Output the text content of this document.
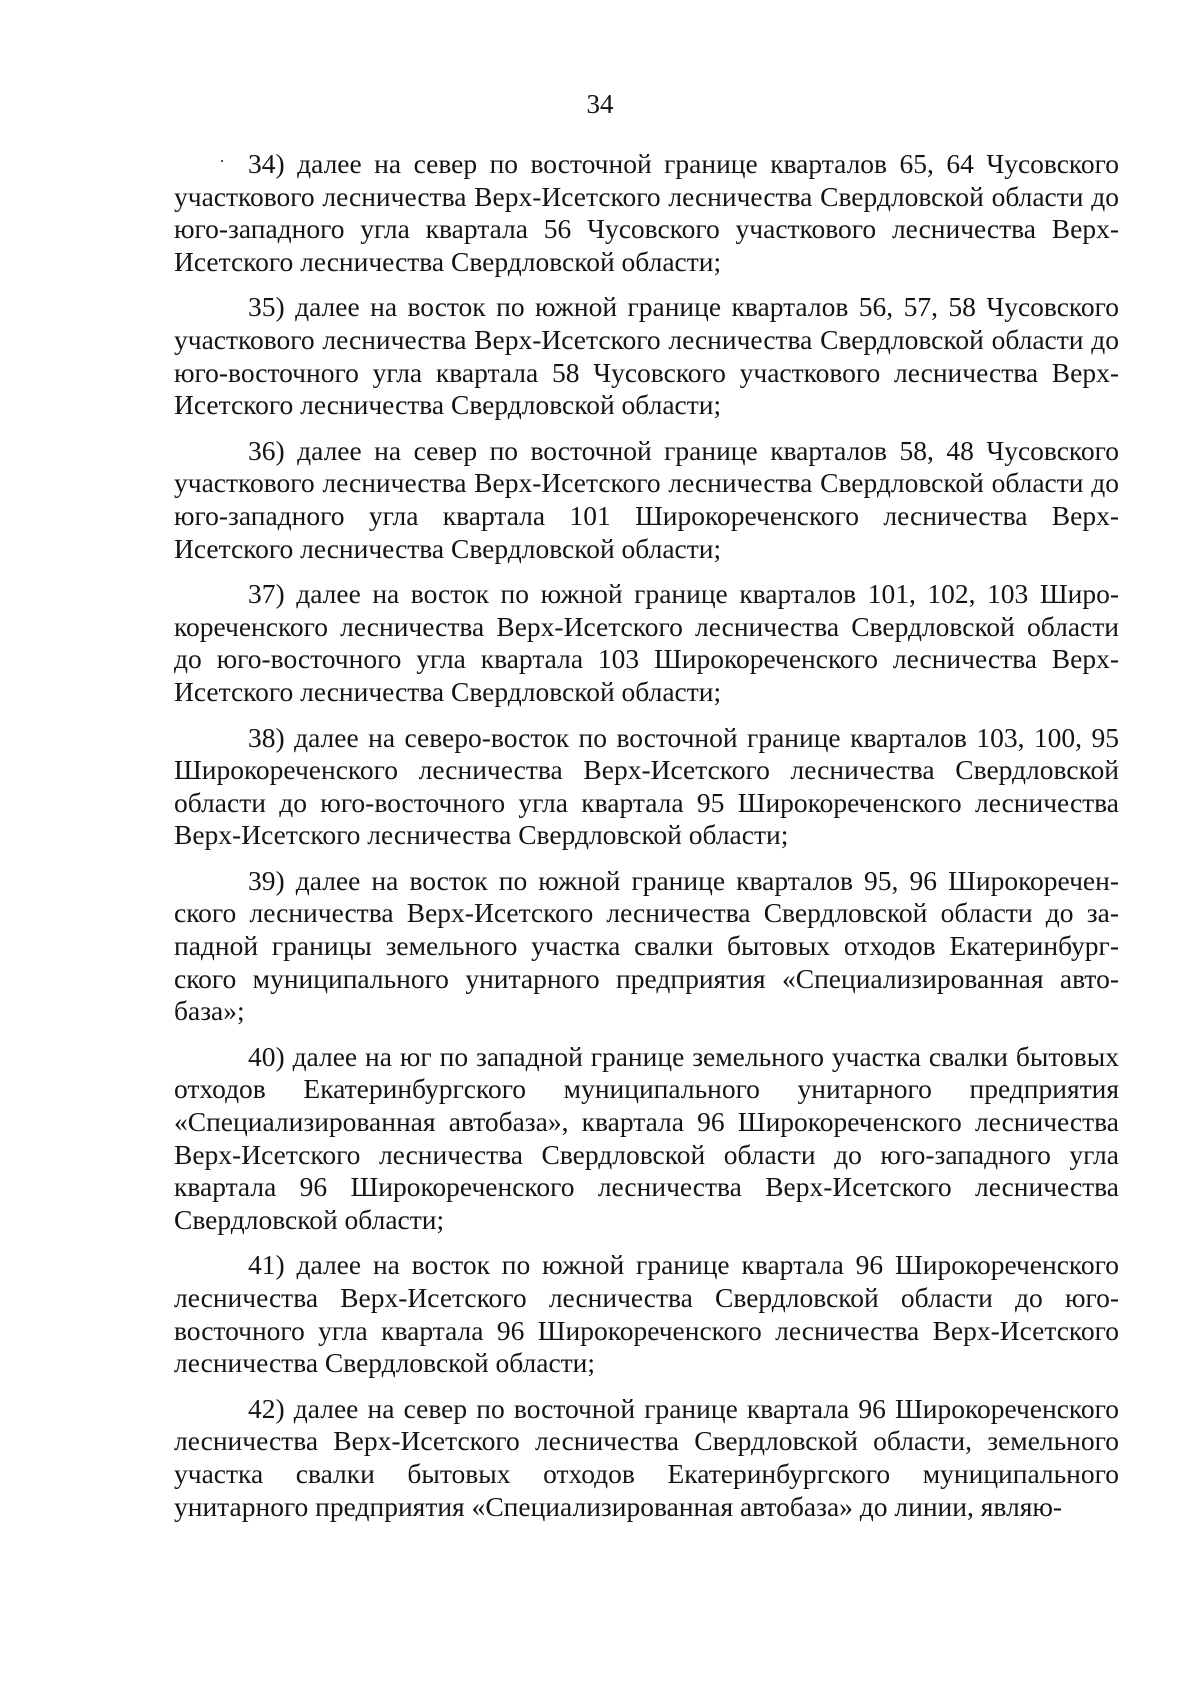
34

34) далее на север по восточной границе кварталов 65, 64 Чусовского участкового лесничества Верх-Исетского лесничества Свердловской области до юго-западного угла квартала 56 Чусовского участкового лесничества Верх-Исетского лесничества Свердловской области;

35) далее на восток по южной границе кварталов 56, 57, 58 Чусовского участкового лесничества Верх-Исетского лесничества Свердловской области до юго-восточного угла квартала 58 Чусовского участкового лесничества Верх-Исетского лесничества Свердловской области;

36) далее на север по восточной границе кварталов 58, 48 Чусовского участкового лесничества Верх-Исетского лесничества Свердловской области до юго-западного угла квартала 101 Широкореченского лесничества Верх-Исетского лесничества Свердловской области;

37) далее на восток по южной границе кварталов 101, 102, 103 Широкореченского лесничества Верх-Исетского лесничества Свердловской области до юго-восточного угла квартала 103 Широкореченского лесничества Верх-Исетского лесничества Свердловской области;

38) далее на северо-восток по восточной границе кварталов 103, 100, 95 Широкореченского лесничества Верх-Исетского лесничества Свердловской области до юго-восточного угла квартала 95 Широкореченского лесничества Верх-Исетского лесничества Свердловской области;

39) далее на восток по южной границе кварталов 95, 96 Широкореченского лесничества Верх-Исетского лесничества Свердловской области до западной границы земельного участка свалки бытовых отходов Екатеринбургского муниципального унитарного предприятия «Специализированная автобаза»;

40) далее на юг по западной границе земельного участка свалки бытовых отходов Екатеринбургского муниципального унитарного предприятия «Специализированная автобаза», квартала 96 Широкореченского лесничества Верх-Исетского лесничества Свердловской области до юго-западного угла квартала 96 Широкореченского лесничества Верх-Исетского лесничества Свердловской области;

41) далее на восток по южной границе квартала 96 Широкореченского лесничества Верх-Исетского лесничества Свердловской области до юго-восточного угла квартала 96 Широкореченского лесничества Верх-Исетского лесничества Свердловской области;

42) далее на север по восточной границе квартала 96 Широкореченского лесничества Верх-Исетского лесничества Свердловской области, земельного участка свалки бытовых отходов Екатеринбургского муниципального унитарного предприятия «Специализированная автобаза» до линии, являю-
